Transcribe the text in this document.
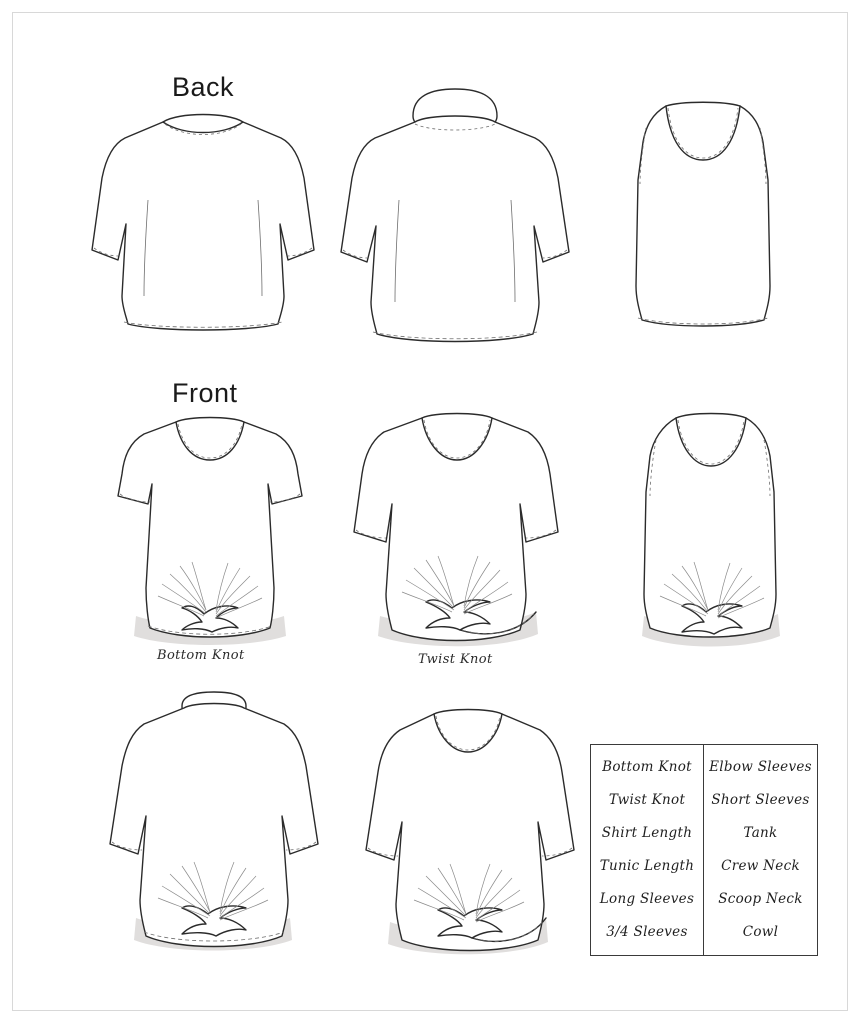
Back
Front
Bottom Knot	Twist Knot
Bottom Knot
Twist Knot
Shirt Length
Tunic Length
Long Sleeves
3/4 Sleeves
Elbow Sleeves
Short Sleeves
Tank
Crew Neck
Scoop Neck
Cowl
